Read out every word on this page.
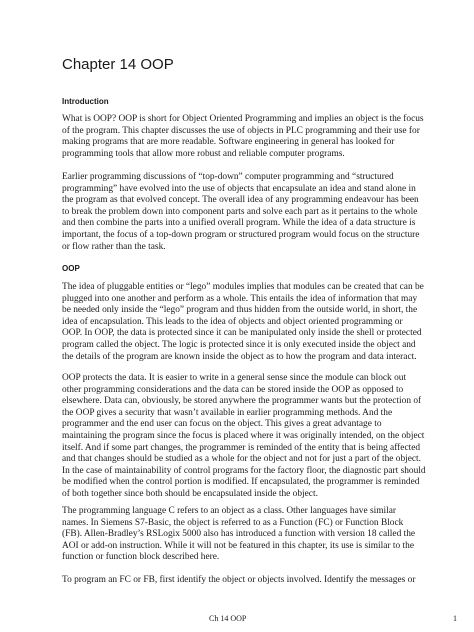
Chapter 14 OOP
Introduction
What is OOP? OOP is short for Object Oriented Programming and implies an object is the focus
of the program. This chapter discusses the use of objects in PLC programming and their use for
making programs that are more readable. Software engineering in general has looked for
programming tools that allow more robust and reliable computer programs.
Earlier programming discussions of “top-down” computer programming and “structured
programming” have evolved into the use of objects that encapsulate an idea and stand alone in
the program as that evolved concept. The overall idea of any programming endeavour has been
to break the problem down into component parts and solve each part as it pertains to the whole
and then combine the parts into a unified overall program. While the idea of a data structure is
important, the focus of a top-down program or structured program would focus on the structure
or flow rather than the task.
OOP
The idea of pluggable entities or “lego” modules implies that modules can be created that can be
plugged into one another and perform as a whole. This entails the idea of information that may
be needed only inside the “lego” program and thus hidden from the outside world, in short, the
idea of encapsulation. This leads to the idea of objects and object oriented programming or
OOP. In OOP, the data is protected since it can be manipulated only inside the shell or protected
program called the object. The logic is protected since it is only executed inside the object and
the details of the program are known inside the object as to how the program and data interact.
OOP protects the data. It is easier to write in a general sense since the module can block out
other programming considerations and the data can be stored inside the OOP as opposed to
elsewhere. Data can, obviously, be stored anywhere the programmer wants but the protection of
the OOP gives a security that wasn’t available in earlier programming methods. And the
programmer and the end user can focus on the object. This gives a great advantage to
maintaining the program since the focus is placed where it was originally intended, on the object
itself. And if some part changes, the programmer is reminded of the entity that is being affected
and that changes should be studied as a whole for the object and not for just a part of the object.
In the case of maintainability of control programs for the factory floor, the diagnostic part should
be modified when the control portion is modified. If encapsulated, the programmer is reminded
of both together since both should be encapsulated inside the object.
The programming language C refers to an object as a class. Other languages have similar
names. In Siemens S7-Basic, the object is referred to as a Function (FC) or Function Block
(FB). Allen-Bradley’s RSLogix 5000 also has introduced a function with version 18 called the
AOI or add-on instruction. While it will not be featured in this chapter, its use is similar to the
function or function block described here.
To program an FC or FB, first identify the object or objects involved. Identify the messages or
Ch 14 OOP	1
